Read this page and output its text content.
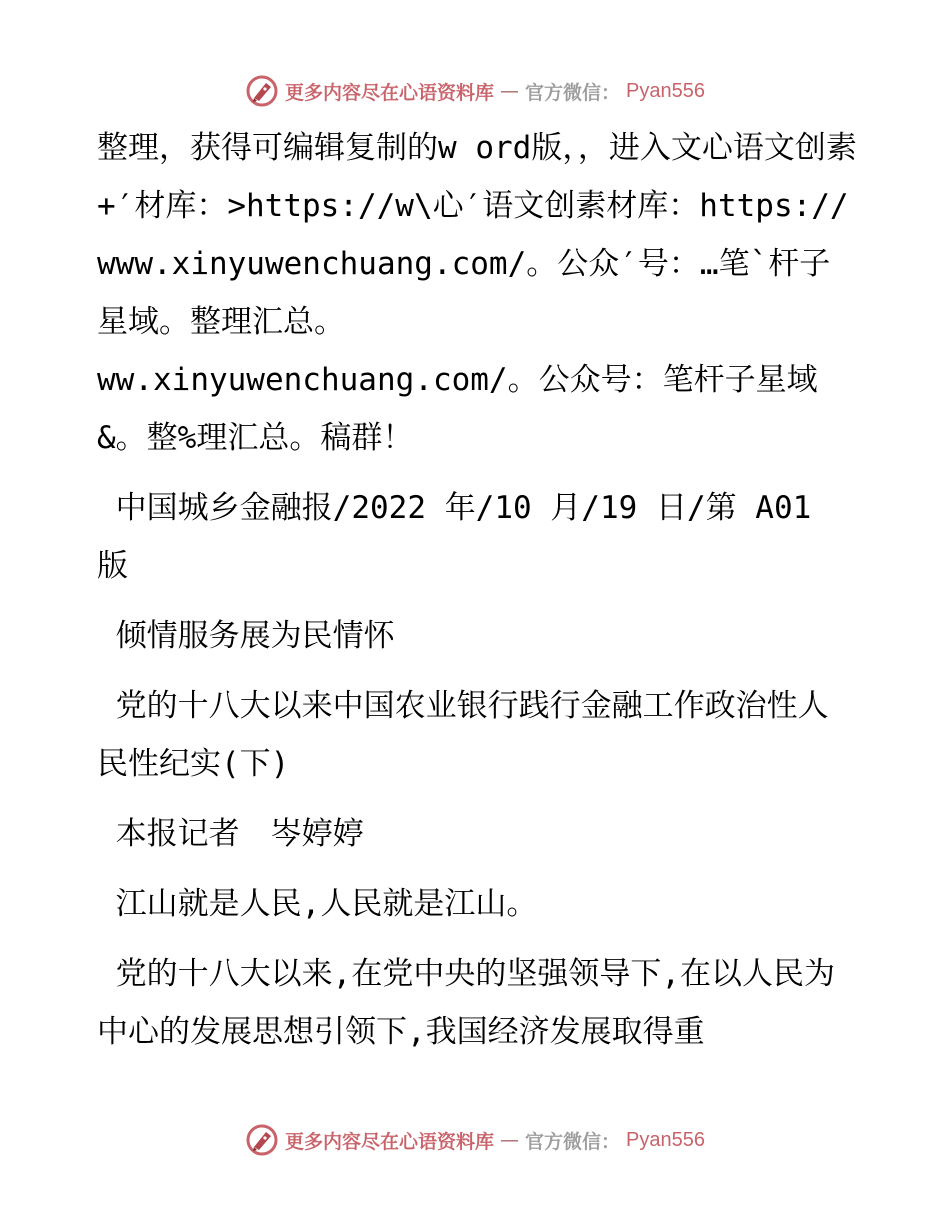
更多内容尽在心语资料库 — 官方微信： Pyan556

整理，获得可编辑复制的w ord版，，进入文心语文创素+′材库：>https://w\心′语文创素材库：https://www.xinyuwenchuang.com/。公众′号：…笔`杆子星域。整理汇总。

ww.xinyuwenchuang.com/。公众号：笔杆子星域&。整%理汇总。稿群！

中国城乡金融报/2022 年/10 月/19 日/第 A01 版

倾情服务展为民情怀

党的十八大以来中国农业银行践行金融工作政治性人民性纪实(下)

本报记者　岑婷婷

江山就是人民,人民就是江山。

党的十八大以来,在党中央的坚强领导下,在以人民为中心的发展思想引领下,我国经济发展取得重

更多内容尽在心语资料库 — 官方微信： Pyan556
